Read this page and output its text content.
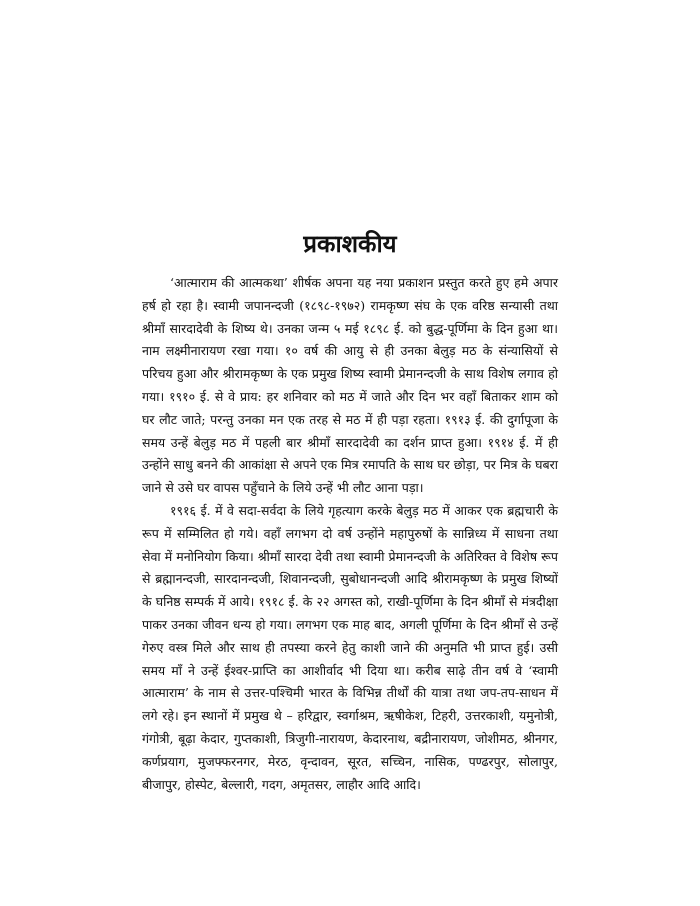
प्रकाशकीय

‘आत्माराम की आत्मकथा’ शीर्षक अपना यह नया प्रकाशन प्रस्तुत करते हुए हमे अपार हर्ष हो रहा है। स्वामी जपानन्दजी (१८९८-१९७२) रामकृष्ण संघ के एक वरिष्ठ सन्यासी तथा श्रीमाँ सारदादेवी के शिष्य थे। उनका जन्म ५ मई १८९८ ई. को बुद्ध-पूर्णिमा के दिन हुआ था। नाम लक्ष्मीनारायण रखा गया। १० वर्ष की आयु से ही उनका बेलुड़ मठ के संन्यासियों से परिचय हुआ और श्रीरामकृष्ण के एक प्रमुख शिष्य स्वामी प्रेमानन्दजी के साथ विशेष लगाव हो गया। १९१० ई. से वे प्राय: हर शनिवार को मठ में जाते और दिन भर वहाँ बिताकर शाम को घर लौट जाते; परन्तु उनका मन एक तरह से मठ में ही पड़ा रहता। १९१३ ई. की दुर्गापूजा के समय उन्हें बेलुड़ मठ में पहली बार श्रीमाँ सारदादेवी का दर्शन प्राप्त हुआ। १९१४ ई. में ही उन्होंने साधु बनने की आकांक्षा से अपने एक मित्र रमापति के साथ घर छोड़ा, पर मित्र के घबरा जाने से उसे घर वापस पहुँचाने के लिये उन्हें भी लौट आना पड़ा।

१९१६ ई. में वे सदा-सर्वदा के लिये गृहत्याग करके बेलुड़ मठ में आकर एक ब्रह्मचारी के रूप में सम्मिलित हो गये। वहाँ लगभग दो वर्ष उन्होंने महापुरुषों के सान्निध्य में साधना तथा सेवा में मनोनियोग किया। श्रीमाँ सारदा देवी तथा स्वामी प्रेमानन्दजी के अतिरिक्त वे विशेष रूप से ब्रह्मानन्दजी, सारदानन्दजी, शिवानन्दजी, सुबोधानन्दजी आदि श्रीरामकृष्ण के प्रमुख शिष्यों के घनिष्ठ सम्पर्क में आये। १९१८ ई. के २२ अगस्त को, राखी-पूर्णिमा के दिन श्रीमाँ से मंत्रदीक्षा पाकर उनका जीवन धन्य हो गया। लगभग एक माह बाद, अगली पूर्णिमा के दिन श्रीमाँ से उन्हें गेरुए वस्त्र मिले और साथ ही तपस्या करने हेतु काशी जाने की अनुमति भी प्राप्त हुई। उसी समय माँ ने उन्हें ईश्वर-प्राप्ति का आशीर्वाद भी दिया था। करीब साढ़े तीन वर्ष वे ‘स्वामी आत्माराम’ के नाम से उत्तर-पश्चिमी भारत के विभिन्न तीर्थों की यात्रा तथा जप-तप-साधन में लगे रहे। इन स्थानों में प्रमुख थे – हरिद्वार, स्वर्गाश्रम, ऋषीकेश, टिहरी, उत्तरकाशी, यमुनोत्री, गंगोत्री, बूढ़ा केदार, गुप्तकाशी, त्रिजुगी-नारायण, केदारनाथ, बद्रीनारायण, जोशीमठ, श्रीनगर, कर्णप्रयाग, मुजफ्फरनगर, मेरठ, वृन्दावन, सूरत, सच्चिन, नासिक, पण्ढरपुर, सोलापुर, बीजापुर, होस्पेट, बेल्लारी, गदग, अमृतसर, लाहौर आदि आदि।
